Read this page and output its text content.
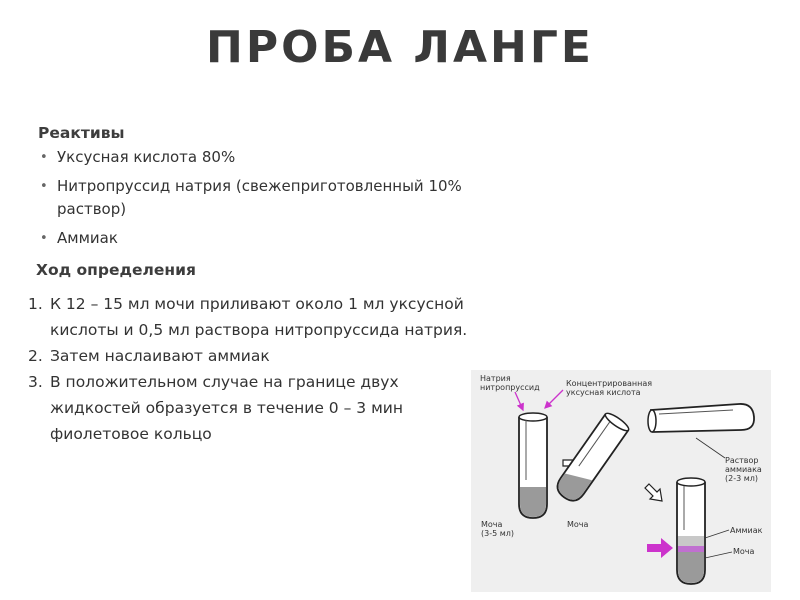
ПРОБА ЛАНГЕ
Реактивы
• Уксусная кислота 80%
• Нитропруссид натрия (свежеприготовленный 10% раствор)
• Аммиак
Ход определения
1. К 12 – 15 мл мочи приливают около 1 мл уксусной кислоты и 0,5 мл раствора нитропруссида натрия.
2. Затем наслаивают аммиак
3. В положительном случае на границе двух жидкостей образуется в течение 0 – 3 мин фиолетовое кольцо
Натрия
нитропруссид	Концентрированная
уксусная кислота
Раствор
аммиака
(2-3 мл)
Моча
(3-5 мл)
Моча
Аммиак
Моча
